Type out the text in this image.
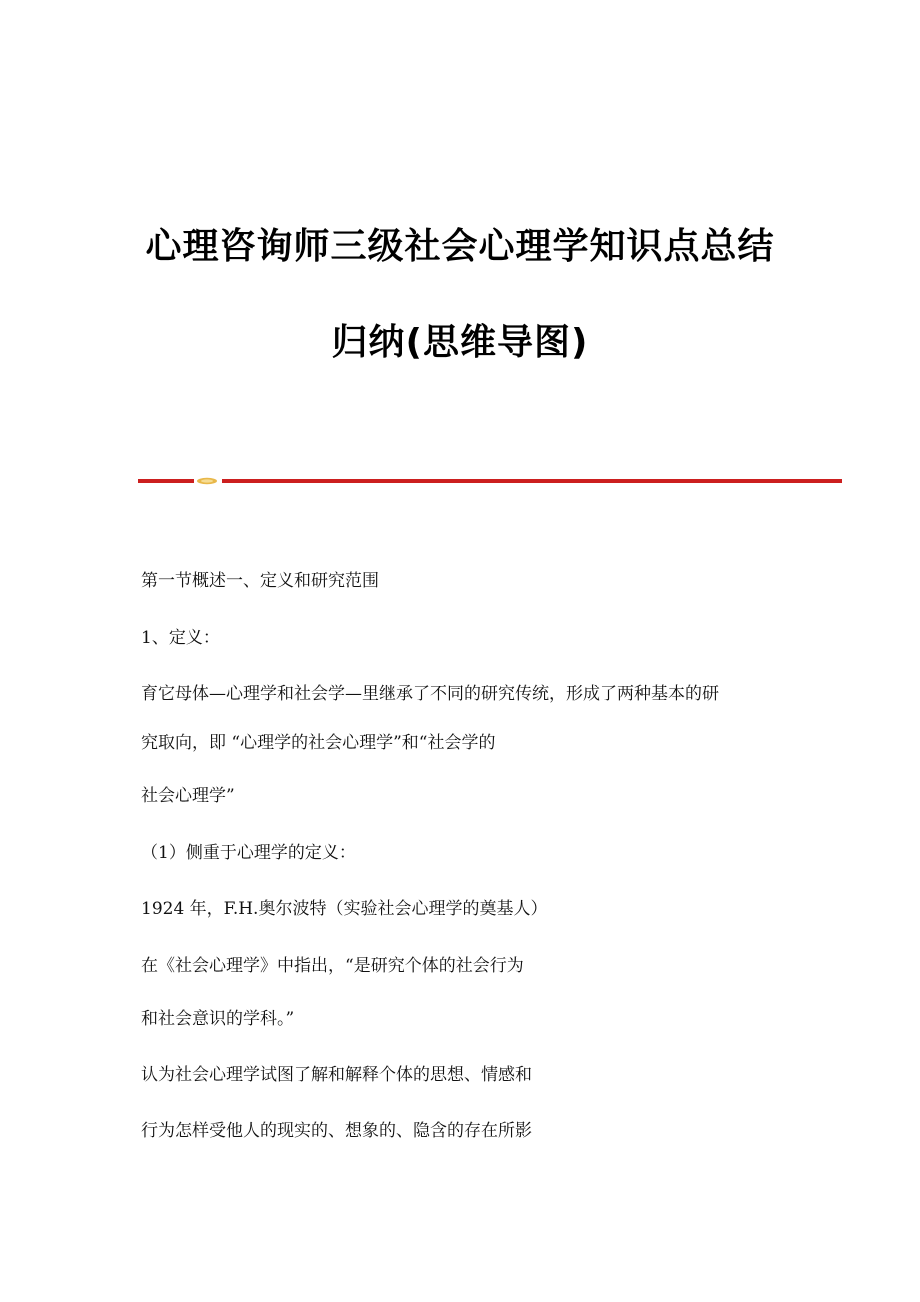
心理咨询师三级社会心理学知识点总结
归纳(思维导图)
第一节概述一、定义和研究范围
1、定义：
育它母体—心理学和社会学—里继承了不同的研究传统，形成了两种基本的研
究取向，即 “心理学的社会心理学”和“社会学的
社会心理学”
（1）侧重于心理学的定义：
1924 年，F.H.奥尔波特（实验社会心理学的奠基人）
在《社会心理学》中指出，“是研究个体的社会行为
和社会意识的学科。”
认为社会心理学试图了解和解释个体的思想、情感和
行为怎样受他人的现实的、想象的、隐含的存在所影
